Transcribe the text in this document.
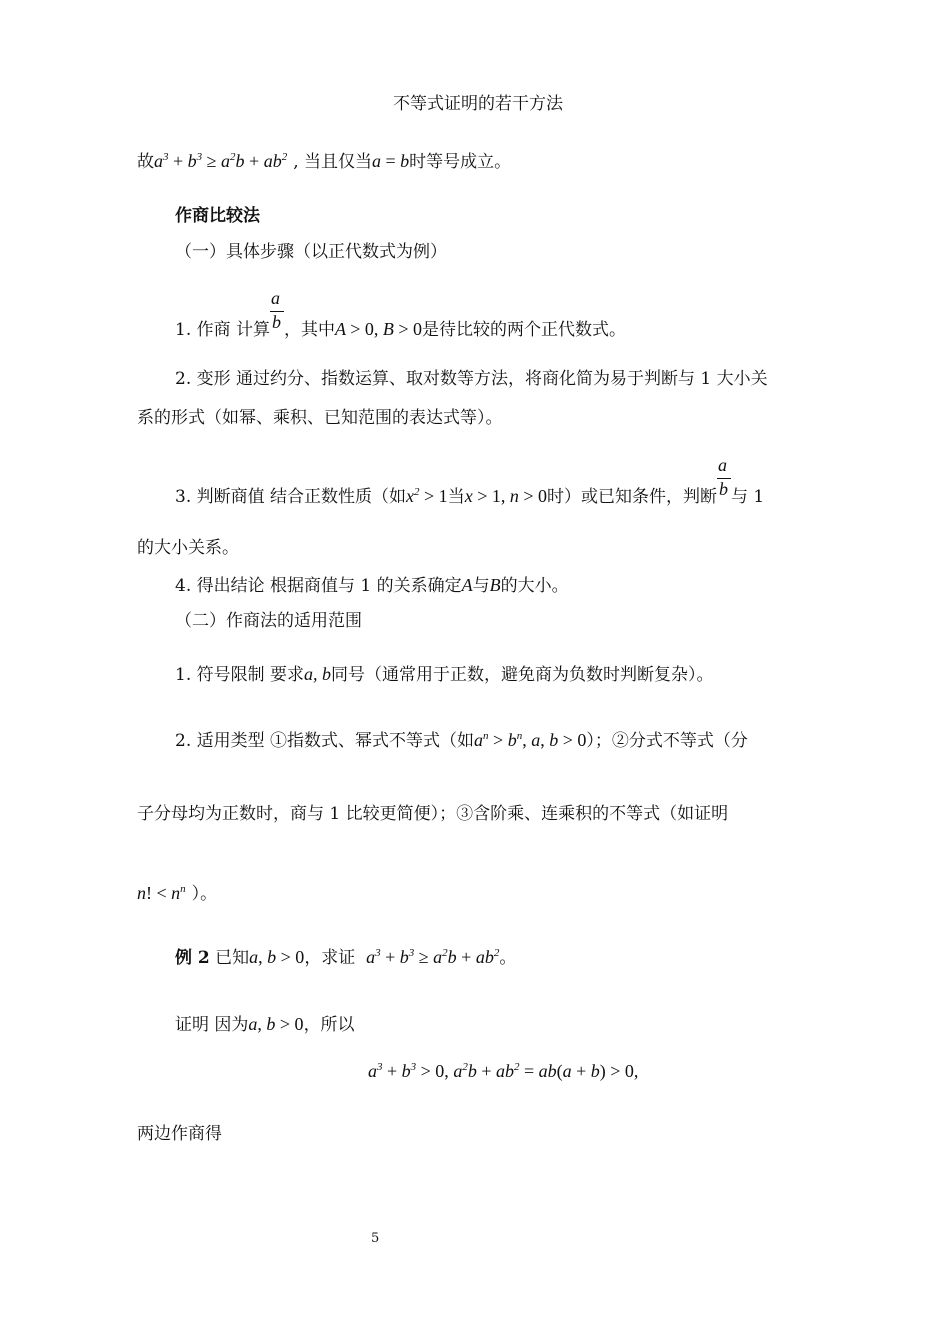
不等式证明的若干方法
故$a^3 + b^3 \ge a^2b + ab^2$ , 当且仅当a = b时等号成立。
作商比较法
（一）具体步骤（以正代数式为例）
1. 作商 计算 $\frac{a}{b}$ ，其中A > 0, B > 0是待比较的两个正代数式。
2. 变形 通过约分、指数运算、取对数等方法，将商化简为易于判断与 1 大小关
系的形式（如幂、乘积、已知范围的表达式等）。
3. 判断商值 结合正数性质（如$x^2 > 1$当x > 1, n > 0时）或已知条件，判断 $\frac{a}{b}$ 与 1
的大小关系。
4. 得出结论 根据商值与 1 的关系确定A与B的大小。
（二）作商法的适用范围
1. 符号限制 要求a, b同号（通常用于正数，避免商为负数时判断复杂）。
2. 适用类型 ①指数式、幂式不等式（如$a^n > b^n$, a, b > 0）；②分式不等式（分
子分母均为正数时，商与 1 比较更简便）；③含阶乘、连乘积的不等式（如证明
n! < $n^n$ ）。
例 2 已知a, b > 0，求证 $a^3 + b^3 \ge a^2b + ab^2$。
证明 因为a, b > 0，所以
$a^3 + b^3 > 0$, $a^2b + ab^2 = ab(a + b) > 0$,
两边作商得
5
